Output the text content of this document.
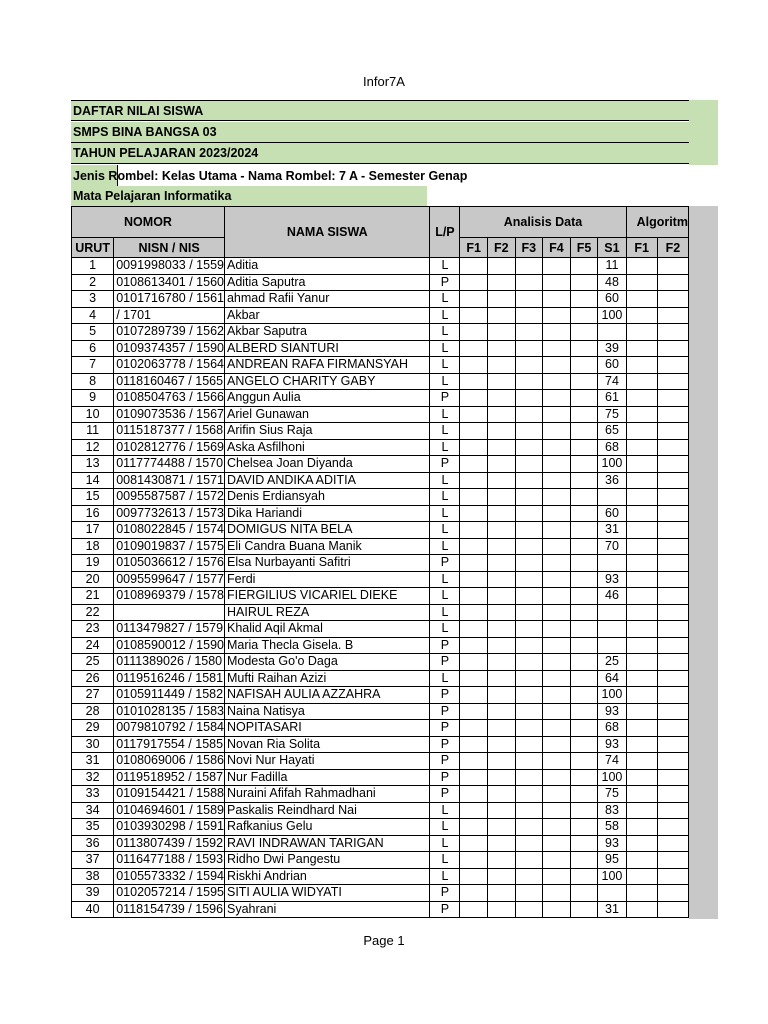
Infor7A
DAFTAR NILAI SISWA
SMPS BINA BANGSA 03
TAHUN PELAJARAN 2023/2024
Jenis Rombel: Kelas Utama - Nama Rombel: 7 A - Semester Genap
Mata Pelajaran Informatika
NOMOR		NAMA SISWA	L/P	Analisis Data						Algoritm	
URUT	NISN / NIS			F1	F2	F3	F4	F5	S1	F1	F2
1	0091998033 / 1559	Aditia	L						11		
2	0108613401 / 1560	Aditia Saputra	P						48		
3	0101716780 / 1561	ahmad Rafii Yanur	L						60		
4	/ 1701	Akbar	L						100		
5	0107289739 / 1562	Akbar Saputra	L								
6	0109374357 / 1590	ALBERD SIANTURI	L						39		
7	0102063778 / 1564	ANDREAN RAFA FIRMANSYAH	L						60		
8	0118160467 / 1565	ANGELO CHARITY GABY	L						74		
9	0108504763 / 1566	Anggun Aulia	P						61		
10	0109073536 / 1567	Ariel Gunawan	L						75		
11	0115187377 / 1568	Arifin Sius Raja	L						65		
12	0102812776 / 1569	Aska Asfilhoni	L						68		
13	0117774488 / 1570	Chelsea Joan Diyanda	P						100		
14	0081430871 / 1571	DAVID ANDIKA ADITIA	L						36		
15	0095587587 / 1572	Denis Erdiansyah	L								
16	0097732613 / 1573	Dika Hariandi	L						60		
17	0108022845 / 1574	DOMIGUS NITA BELA	L						31		
18	0109019837 / 1575	Eli Candra Buana Manik	L						70		
19	0105036612 / 1576	Elsa Nurbayanti Safitri	P								
20	0095599647 / 1577	Ferdi	L						93		
21	0108969379 / 1578	FIERGILIUS VICARIEL DIEKE	L						46		
22		HAIRUL REZA	L								
23	0113479827 / 1579	Khalid Aqil Akmal	L								
24	0108590012 / 1590	Maria Thecla Gisela. B	P								
25	0111389026 / 1580	Modesta Go'o Daga	P						25		
26	0119516246 / 1581	Mufti Raihan Azizi	L						64		
27	0105911449 / 1582	NAFISAH AULIA AZZAHRA	P						100		
28	0101028135 / 1583	Naina Natisya	P						93		
29	0079810792 / 1584	NOPITASARI	P						68		
30	0117917554 / 1585	Novan Ria Solita	P						93		
31	0108069006 / 1586	Novi Nur Hayati	P						74		
32	0119518952 / 1587	Nur Fadilla	P						100		
33	0109154421 / 1588	Nuraini Afifah Rahmadhani	P						75		
34	0104694601 / 1589	Paskalis Reindhard Nai	L						83		
35	0103930298 / 1591	Rafkanius Gelu	L						58		
36	0113807439 / 1592	RAVI INDRAWAN TARIGAN	L						93		
37	0116477188 / 1593	Ridho Dwi Pangestu	L						95		
38	0105573332 / 1594	Riskhi Andrian	L						100		
39	0102057214 / 1595	SITI AULIA WIDYATI	P								
40	0118154739 / 1596	Syahrani	P						31		
Page 1
